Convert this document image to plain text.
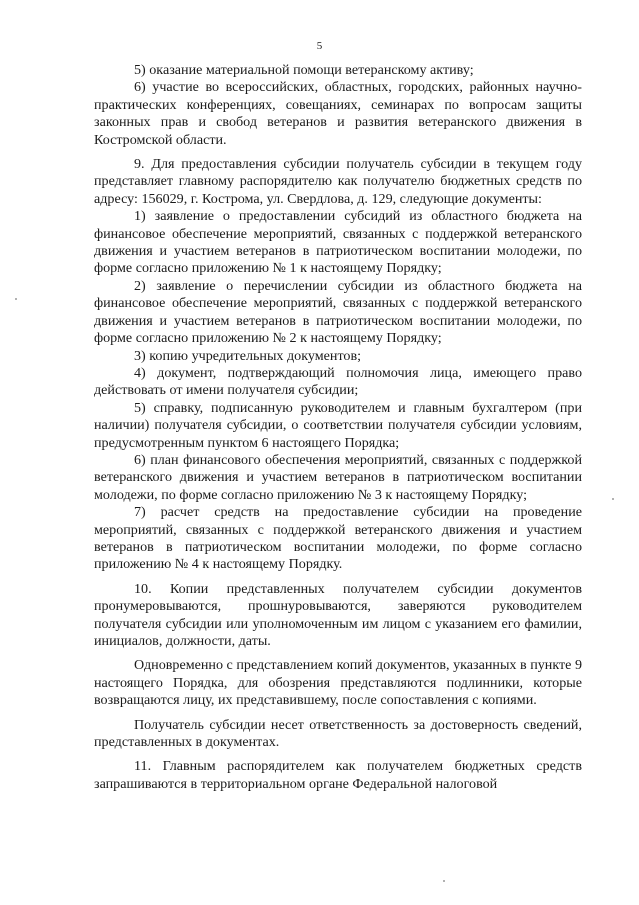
5

5) оказание материальной помощи ветеранскому активу;

6) участие во всероссийских, областных, городских, районных научно-практических конференциях, совещаниях, семинарах по вопросам защиты законных прав и свобод ветеранов и развития ветеранского движения в Костромской области.

9. Для предоставления субсидии получатель субсидии в текущем году представляет главному распорядителю как получателю бюджетных средств по адресу: 156029, г. Кострома, ул. Свердлова, д. 129, следующие документы:

1) заявление о предоставлении субсидий из областного бюджета на финансовое обеспечение мероприятий, связанных с поддержкой ветеранского движения и участием ветеранов в патриотическом воспитании молодежи, по форме согласно приложению № 1 к настоящему Порядку;

2) заявление о перечислении субсидии из областного бюджета на финансовое обеспечение мероприятий, связанных с поддержкой ветеранского движения и участием ветеранов в патриотическом воспитании молодежи, по форме согласно приложению № 2 к настоящему Порядку;

3) копию учредительных документов;

4) документ, подтверждающий полномочия лица, имеющего право действовать от имени получателя субсидии;

5) справку, подписанную руководителем и главным бухгалтером (при наличии) получателя субсидии, о соответствии получателя субсидии условиям, предусмотренным пунктом 6 настоящего Порядка;

6) план финансового обеспечения мероприятий, связанных с поддержкой ветеранского движения и участием ветеранов в патриотическом воспитании молодежи, по форме согласно приложению № 3 к настоящему Порядку;

7) расчет средств на предоставление субсидии на проведение мероприятий, связанных с поддержкой ветеранского движения и участием ветеранов в патриотическом воспитании молодежи, по форме согласно приложению № 4 к настоящему Порядку.

10. Копии представленных получателем субсидии документов пронумеровываются, прошнуровываются, заверяются руководителем получателя субсидии или уполномоченным им лицом с указанием его фамилии, инициалов, должности, даты.

Одновременно с представлением копий документов, указанных в пункте 9 настоящего Порядка, для обозрения представляются подлинники, которые возвращаются лицу, их представившему, после сопоставления с копиями.

Получатель субсидии несет ответственность за достоверность сведений, представленных в документах.

11. Главным распорядителем как получателем бюджетных средств запрашиваются в территориальном органе Федеральной налоговой
